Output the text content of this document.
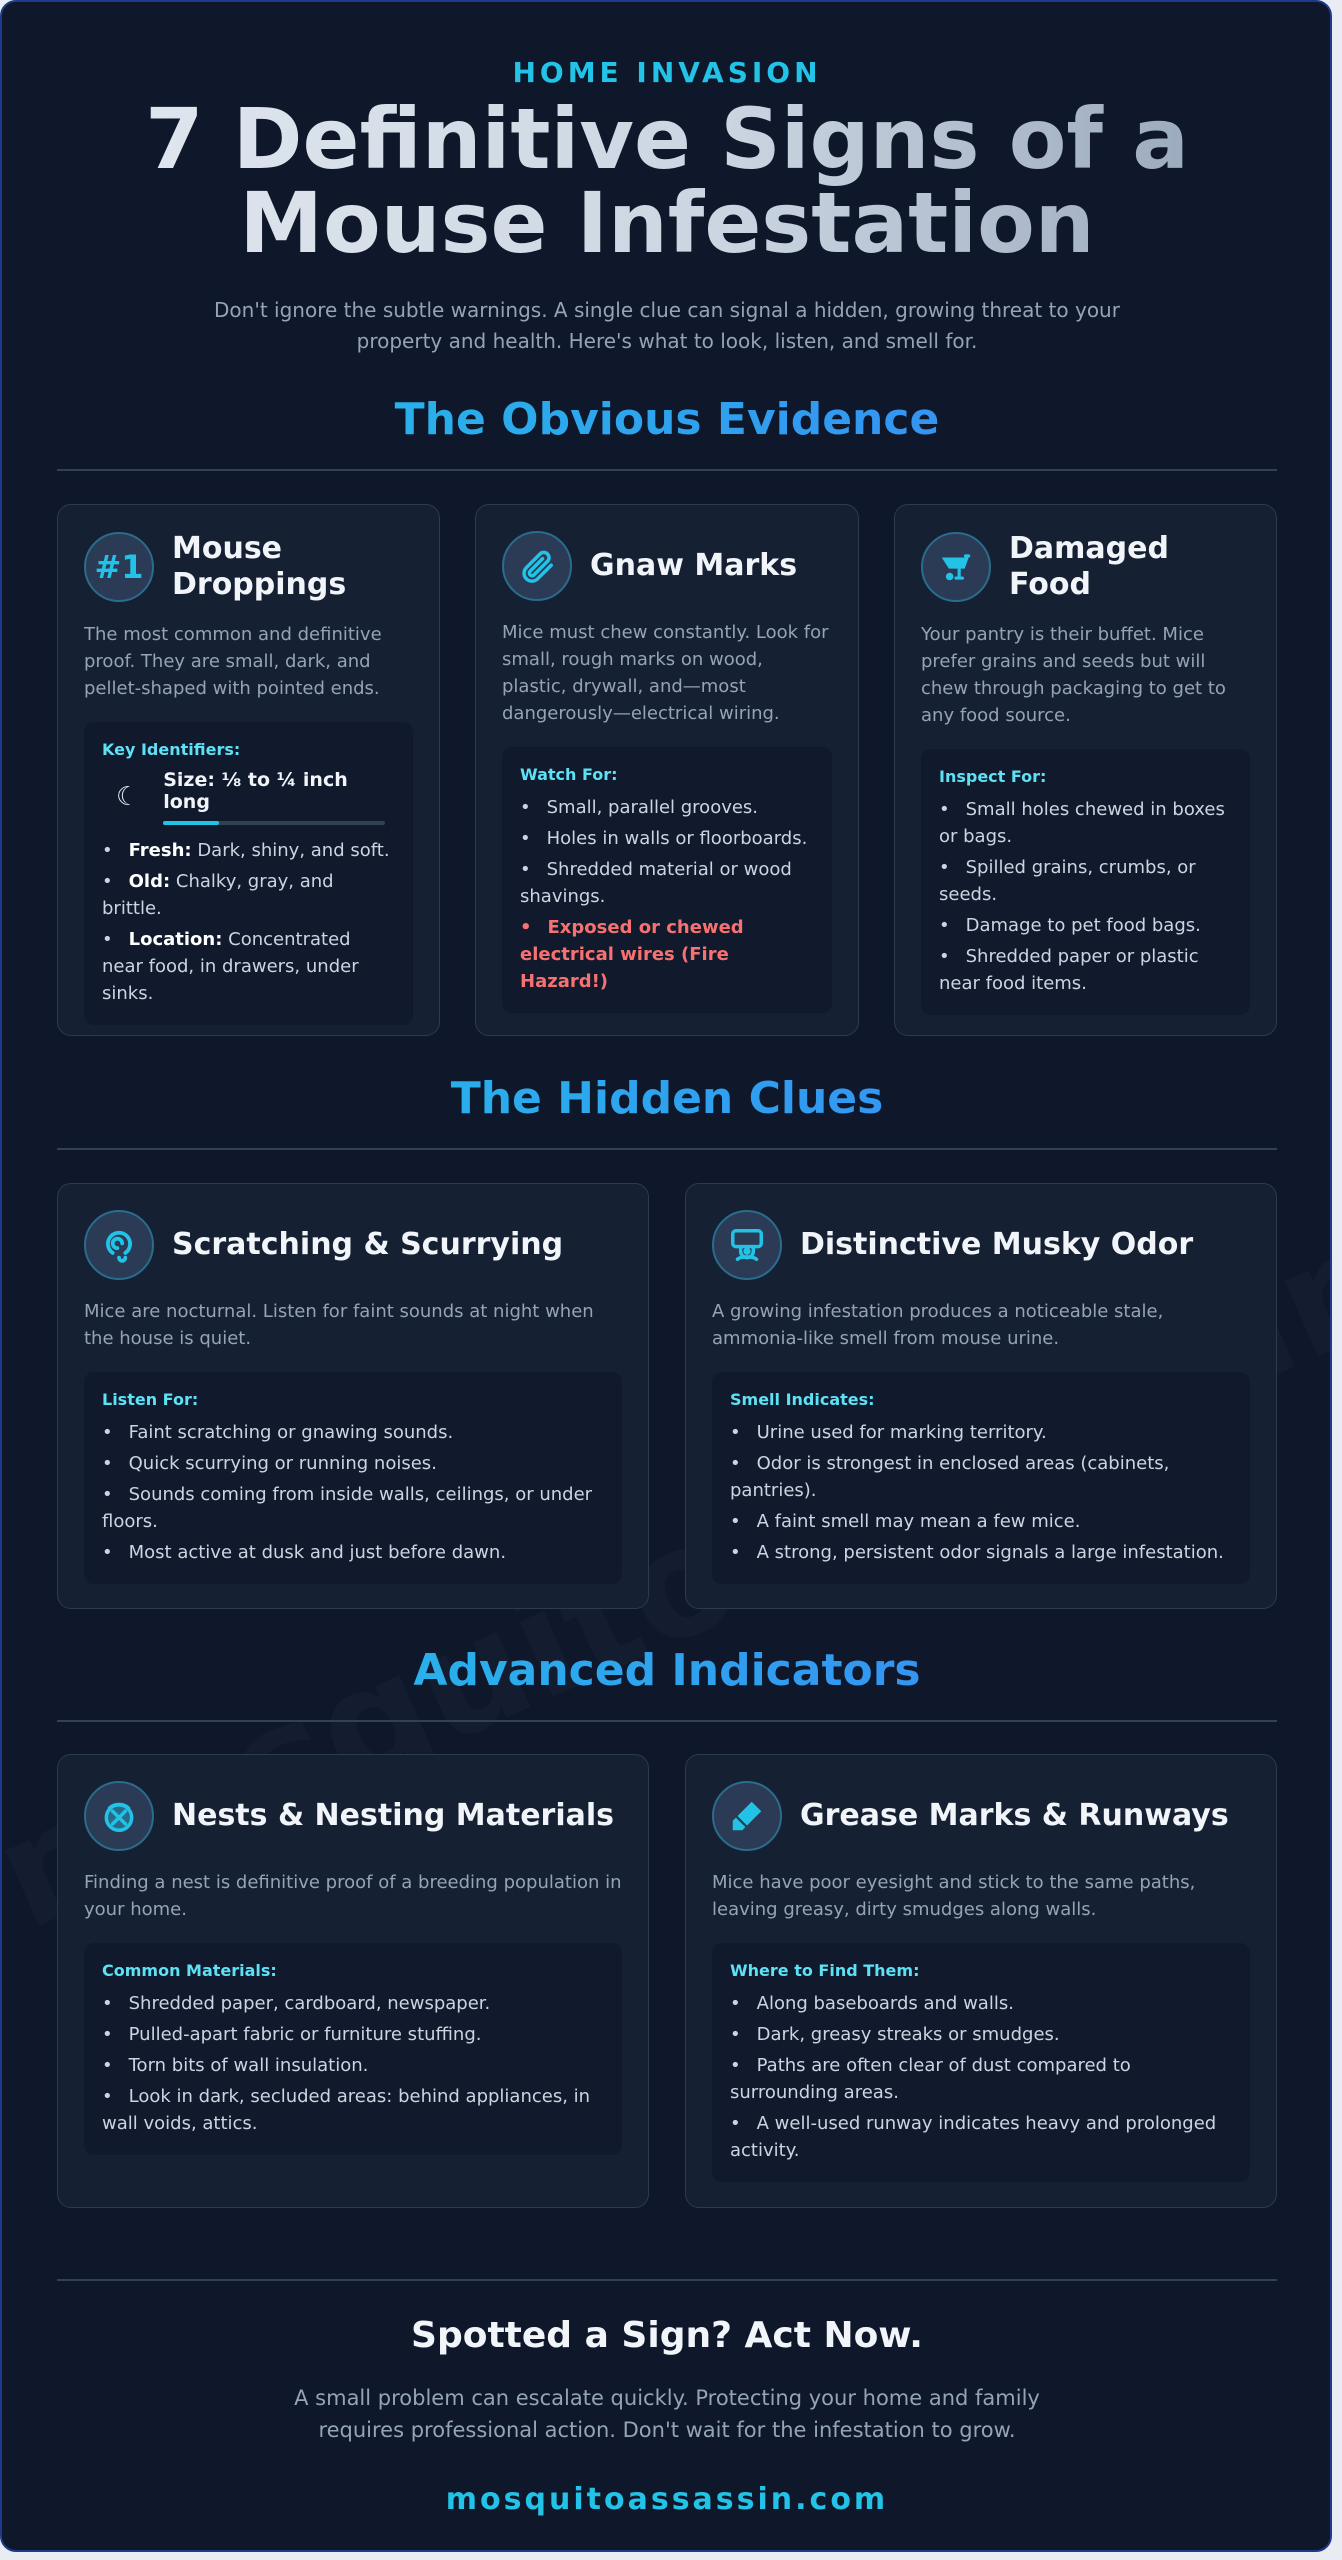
HOME INVASION
7 Definitive Signs of a
Mouse Infestation

Don't ignore the subtle warnings. A single clue can signal a hidden, growing threat to your property and health. Here's what to look, listen, and smell for.

The Obvious Evidence
#1 Mouse Droppings

The most common and definitive proof. They are small, dark, and pellet-shaped with pointed ends.

Key Identifiers:
☾
Size: ⅛ to ¼ inch long
• Fresh: Dark, shiny, and soft.
• Old: Chalky, gray, and brittle.
• Location: Concentrated near food, in drawers, under sinks.
Gnaw Marks

Mice must chew constantly. Look for small, rough marks on wood, plastic, drywall, and—most dangerously—electrical wiring.

Watch For:
• Small, parallel grooves.
• Holes in walls or floorboards.
• Shredded material or wood shavings.
• Exposed or chewed electrical wires (Fire Hazard!)
Damaged Food

Your pantry is their buffet. Mice prefer grains and seeds but will chew through packaging to get to any food source.

Inspect For:
• Small holes chewed in boxes or bags.
• Spilled grains, crumbs, or seeds.
• Damage to pet food bags.
• Shredded paper or plastic near food items.
The Hidden Clues
Scratching & Scurrying

Mice are nocturnal. Listen for faint sounds at night when the house is quiet.

Listen For:
• Faint scratching or gnawing sounds.
• Quick scurrying or running noises.
• Sounds coming from inside walls, ceilings, or under floors.
• Most active at dusk and just before dawn.
Distinctive Musky Odor

A growing infestation produces a noticeable stale, ammonia-like smell from mouse urine.

Smell Indicates:
• Urine used for marking territory.
• Odor is strongest in enclosed areas (cabinets, pantries).
• A faint smell may mean a few mice.
• A strong, persistent odor signals a large infestation.
Advanced Indicators
Nests & Nesting Materials

Finding a nest is definitive proof of a breeding population in your home.

Common Materials:
• Shredded paper, cardboard, newspaper.
• Pulled-apart fabric or furniture stuffing.
• Torn bits of wall insulation.
• Look in dark, secluded areas: behind appliances, in wall voids, attics.
Grease Marks & Runways

Mice have poor eyesight and stick to the same paths, leaving greasy, dirty smudges along walls.

Where to Find Them:
• Along baseboards and walls.
• Dark, greasy streaks or smudges.
• Paths are often clear of dust compared to surrounding areas.
• A well-used runway indicates heavy and prolonged activity.
Spotted a Sign? Act Now.

A small problem can escalate quickly. Protecting your home and family requires professional action. Don't wait for the infestation to grow.

mosquitoassassin.com
